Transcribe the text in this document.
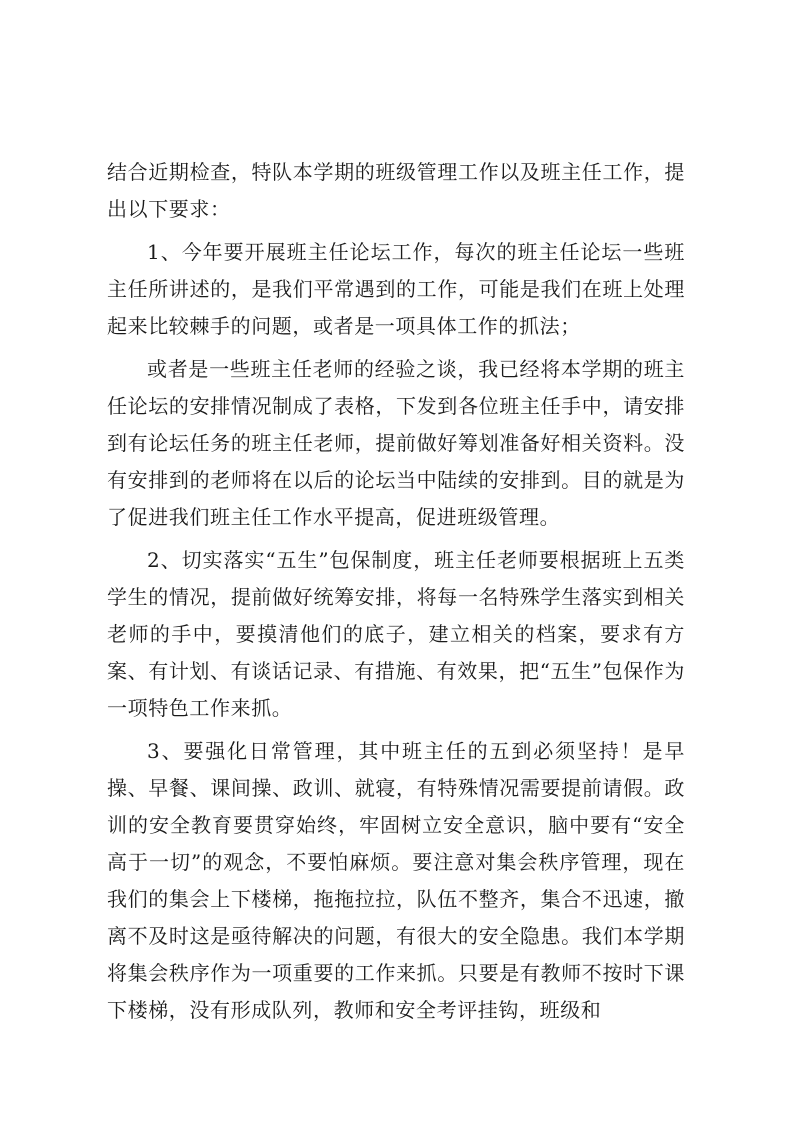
结合近期检查，特队本学期的班级管理工作以及班主任工作，提出以下要求：

1、今年要开展班主任论坛工作，每次的班主任论坛一些班主任所讲述的，是我们平常遇到的工作，可能是我们在班上处理起来比较棘手的问题，或者是一项具体工作的抓法；

或者是一些班主任老师的经验之谈，我已经将本学期的班主任论坛的安排情况制成了表格，下发到各位班主任手中，请安排到有论坛任务的班主任老师，提前做好筹划准备好相关资料。没有安排到的老师将在以后的论坛当中陆续的安排到。目的就是为了促进我们班主任工作水平提高，促进班级管理。

2、切实落实“五生”包保制度，班主任老师要根据班上五类学生的情况，提前做好统筹安排，将每一名特殊学生落实到相关老师的手中，要摸清他们的底子，建立相关的档案，要求有方案、有计划、有谈话记录、有措施、有效果，把“五生”包保作为一项特色工作来抓。

3、要强化日常管理，其中班主任的五到必须坚持！是早操、早餐、课间操、政训、就寝，有特殊情况需要提前请假。政训的安全教育要贯穿始终，牢固树立安全意识，脑中要有“安全高于一切”的观念，不要怕麻烦。要注意对集会秩序管理，现在我们的集会上下楼梯，拖拖拉拉，队伍不整齐，集合不迅速，撤离不及时这是亟待解决的问题，有很大的安全隐患。我们本学期将集会秩序作为一项重要的工作来抓。只要是有教师不按时下课下楼梯，没有形成队列，教师和安全考评挂钩，班级和
